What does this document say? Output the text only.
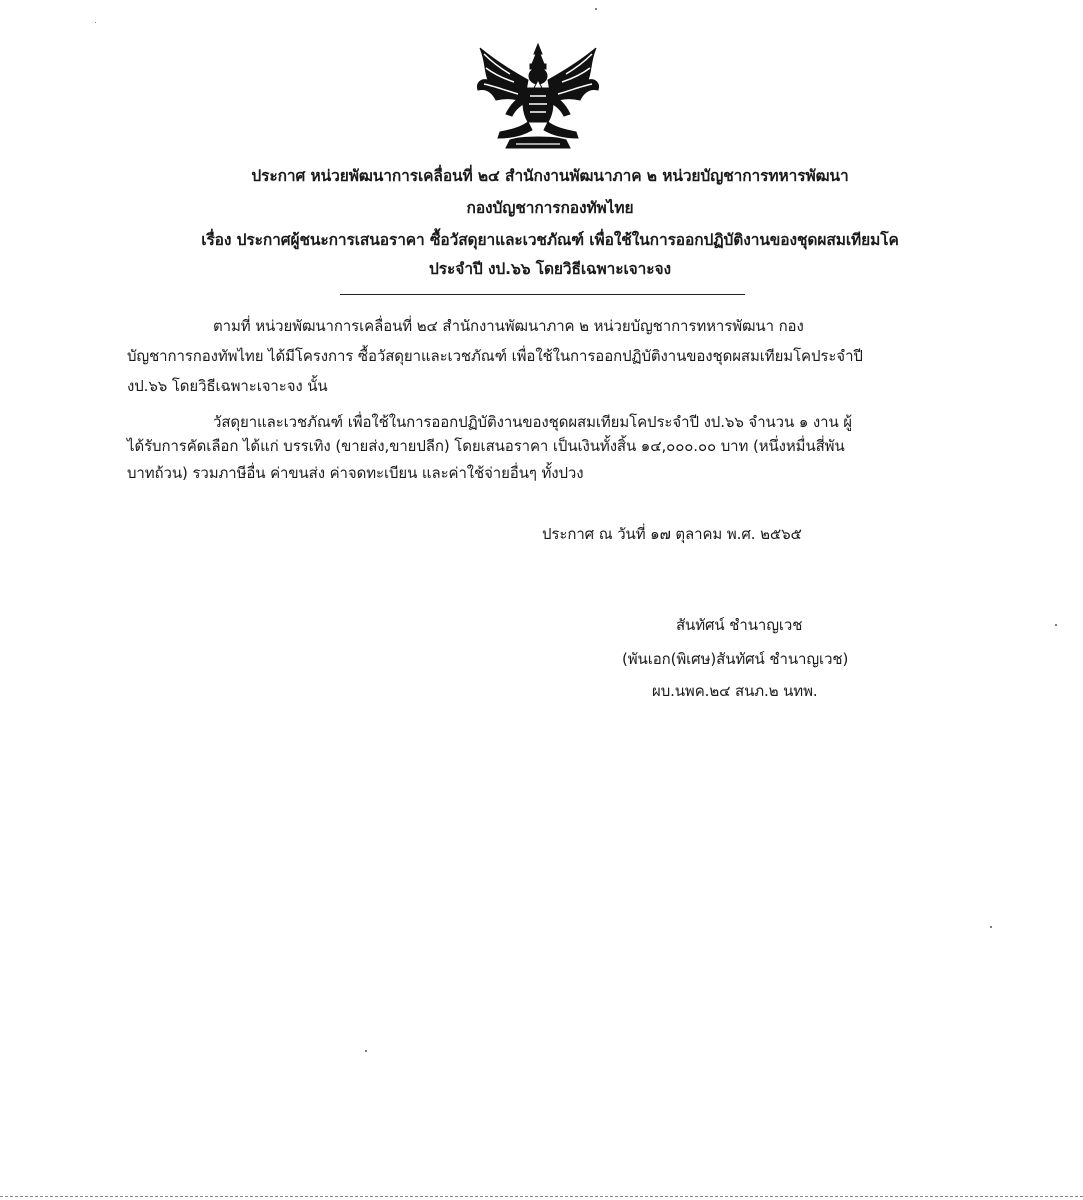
ประกาศ หน่วยพัฒนาการเคลื่อนที่ ๒๔ สำนักงานพัฒนาภาค ๒ หน่วยบัญชาการทหารพัฒนา
กองบัญชาการกองทัพไทย
เรื่อง ประกาศผู้ชนะการเสนอราคา ซื้อวัสดุยาและเวชภัณฑ์ เพื่อใช้ในการออกปฏิบัติงานของชุดผสมเทียมโค
ประจำปี งป.๖๖ โดยวิธีเฉพาะเจาะจง
ตามที่ หน่วยพัฒนาการเคลื่อนที่ ๒๔ สำนักงานพัฒนาภาค ๒ หน่วยบัญชาการทหารพัฒนา กอง
บัญชาการกองทัพไทย ได้มีโครงการ ซื้อวัสดุยาและเวชภัณฑ์ เพื่อใช้ในการออกปฏิบัติงานของชุดผสมเทียมโคประจำปี
งป.๖๖ โดยวิธีเฉพาะเจาะจง นั้น
วัสดุยาและเวชภัณฑ์ เพื่อใช้ในการออกปฏิบัติงานของชุดผสมเทียมโคประจำปี งป.๖๖ จำนวน ๑ งาน ผู้
ได้รับการคัดเลือก ได้แก่ บรรเทิง (ขายส่ง,ขายปลีก) โดยเสนอราคา เป็นเงินทั้งสิ้น ๑๔,๐๐๐.๐๐ บาท (หนึ่งหมื่นสี่พัน
บาทถ้วน) รวมภาษีอื่น ค่าขนส่ง ค่าจดทะเบียน และค่าใช้จ่ายอื่นๆ ทั้งปวง
ประกาศ ณ วันที่ ๑๗ ตุลาคม พ.ศ. ๒๕๖๕
สันทัศน์ ชำนาญเวช
(พันเอก(พิเศษ)สันทัศน์ ชำนาญเวช)
ผบ.นพค.๒๔ สนภ.๒ นทพ.
